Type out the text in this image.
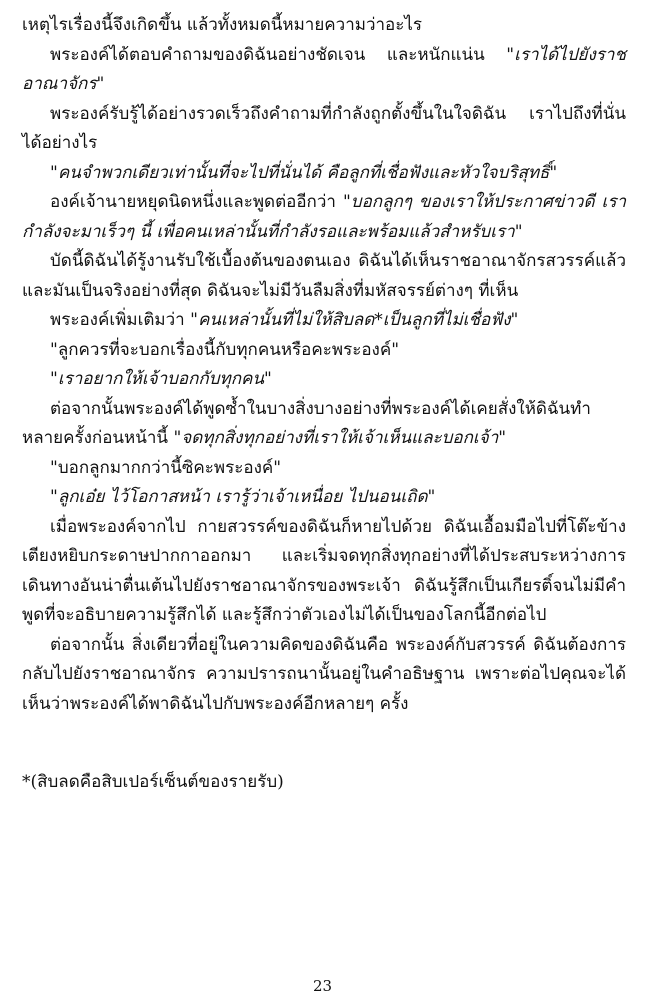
เหตุไรเรื่องนี้จึงเกิดขึ้น แล้วทั้งหมดนี้หมายความว่าอะไร

พระองค์ได้ตอบคำถามของดิฉันอย่างชัดเจน และหนักแน่น "เราได้ไปยังราชอาณาจักร"

พระองค์รับรู้ได้อย่างรวดเร็วถึงคำถามที่กำลังถูกตั้งขึ้นในใจดิฉัน เราไปถึงที่นั่นได้อย่างไร

"คนจำพวกเดียวเท่านั้นที่จะไปที่นั่นได้ คือลูกที่เชื่อฟังและหัวใจบริสุทธิ์"

องค์เจ้านายหยุดนิดหนึ่งและพูดต่ออีกว่า "บอกลูกๆ ของเราให้ประกาศข่าวดี เรากำลังจะมาเร็วๆ นี้ เพื่อคนเหล่านั้นที่กำลังรอและพร้อมแล้วสำหรับเรา"

บัดนี้ดิฉันได้รู้งานรับใช้เบื้องต้นของตนเอง ดิฉันได้เห็นราชอาณาจักรสวรรค์แล้ว และมันเป็นจริงอย่างที่สุด ดิฉันจะไม่มีวันลืมสิ่งที่มหัสจรรย์ต่างๆ ที่เห็น

พระองค์เพิ่มเติมว่า "คนเหล่านั้นที่ไม่ให้สิบลด*เป็นลูกที่ไม่เชื่อฟัง"

"ลูกควรที่จะบอกเรื่องนี้กับทุกคนหรือคะพระองค์"

"เราอยากให้เจ้าบอกกับทุกคน"

ต่อจากนั้นพระองค์ได้พูดซ้ำในบางสิ่งบางอย่างที่พระองค์ได้เคยสั่งให้ดิฉันทำหลายครั้งก่อนหน้านี้ "จดทุกสิ่งทุกอย่างที่เราให้เจ้าเห็นและบอกเจ้า"

"บอกลูกมากกว่านี้ซิคะพระองค์"

"ลูกเอ๋ย ไว้โอกาสหน้า เรารู้ว่าเจ้าเหนื่อย ไปนอนเถิด"

เมื่อพระองค์จากไป กายสวรรค์ของดิฉันก็หายไปด้วย ดิฉันเอื้อมมือไปที่โต๊ะข้างเตียงหยิบกระดาษปากกาออกมา และเริ่มจดทุกสิ่งทุกอย่างที่ได้ประสบระหว่างการเดินทางอันน่าตื่นเต้นไปยังราชอาณาจักรของพระเจ้า ดิฉันรู้สึกเป็นเกียรติ์จนไม่มีคำพูดที่จะอธิบายความรู้สึกได้ และรู้สึกว่าตัวเองไม่ได้เป็นของโลกนี้อีกต่อไป

ต่อจากนั้น สิ่งเดียวที่อยู่ในความคิดของดิฉันคือ พระองค์กับสวรรค์ ดิฉันต้องการกลับไปยังราชอาณาจักร ความปรารถนานั้นอยู่ในคำอธิษฐาน เพราะต่อไปคุณจะได้เห็นว่าพระองค์ได้พาดิฉันไปกับพระองค์อีกหลายๆ ครั้ง

*(สิบลดคือสิบเปอร์เซ็นต์ของรายรับ)

23
